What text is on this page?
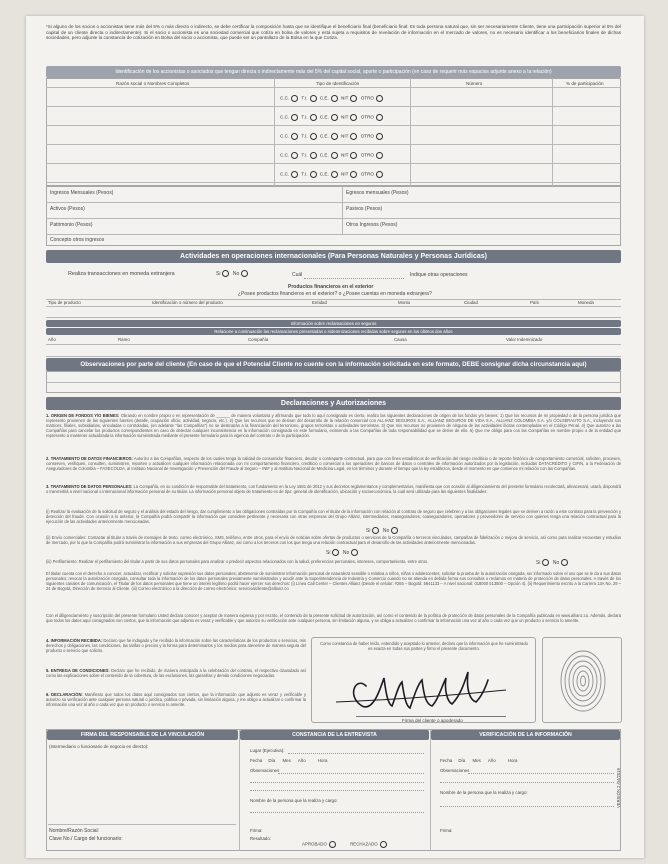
*Si alguno de los socios o accionistas tiene más del 5% o más directo o indirecto, se debe certificar la composición hasta que se identifique el beneficiario final (beneficiario final: Es toda persona natural que, sin ser necesariamente Cliente, tiene una participación superior al 5% del capital de un cliente directa o indirectamente). Si el socio o accionista es una sociedad comercial que cotiza en bolsa de valores y está sujeta a requisitos de revelación de información en el mercado de valores, no es necesario identificar a los beneficiarios finales de dichas sociedades, pero adjunte la constancia de cotización en Bolsa del socio o accionista, que puede ser un pantallazo de la Bolsa en la que Cotiza.
Identificación de los accionistas o asociados que tengan directa o indirectamente más del 5% del capital social, aporte o participación (en caso de requerir más espacios adjunte anexo a la relación)
Razón social o Nombres Completos	Tipo de Identificación	Número	% de participación
Ingresos Mensuales (Pesos)	Egresos mensuales (Pesos)
Activos (Pesos)	Pasivos (Pesos)
Patrimonio (Pesos)	Otros Ingresos (Pesos)
Concepto otros ingresos
Actividades en operaciones internacionales (Para Personas Naturales y Personas Jurídicas)
Realiza transacciones en moneda extranjera	Si No	Cuál	Indique otras operaciones
Productos financieros en el exterior
¿Posee productos financieros en el exterior? o ¿Posee cuentas en moneda extranjera?
Información sobre reclamaciones en seguros
Relacione a continuación las reclamaciones presentadas o indemnizaciones recibidas sobre seguros en los últimos dos años
Observaciones por parte del cliente (En caso de que el Potencial Cliente no cuente con la información solicitada en este formato, DEBE consignar dicha circunstancia aquí)
Declaraciones y Autorizaciones
1. ORIGEN DE FONDOS Y/O BIENES: Obrando en nombre propio o en representación de ______ de manera voluntaria y afirmando que todo lo aquí consignado es cierto, realizo las siguientes declaraciones de origen de los fondos y/o bienes: 1) Que los recursos de mi propiedad o de la persona jurídica que represento provienen de las siguientes fuentes (detalle, ocupación oficio, actividad, negocio, etc.). 2) Que los recursos que se derivan del desarrollo de la relación comercial con ALLIANZ SEGUROS S.A., ALLIANZ SEGUROS DE VIDA S.A., ALLIANZ COLOMBIA S.A. y/o COLSERAUTO S.A., incluyendo sus matrices, filiales, subsidiarias, vinculadas o controladas, (en adelante "las Compañías") no se destinarán a la financiación del terrorismo, grupos terroristas o actividades terroristas. 3) Que mis recursos no provienen de ninguna de las actividades ilícitas contempladas en el Código Penal. 4) Que autorizo a las Compañías para cancelar los productos correspondientes en caso de detectar cualquier inconsistencia en la información consignada en este formulario, eximiendo a las Compañías de toda responsabilidad que se derive de ello. 5) Que me obligo para con las Compañías en nombre propio o de la entidad que represento a mantener actualizada la información suministrada mediante el presente formulario para la vigencia del contrato o de la participación.
2. TRATAMIENTO DE DATOS FINANCIEROS: Autorizo a las Compañías, respecto de los cuales tenga la calidad de consumidor financiero, deudor o contraparte contractual, para que con fines estadísticos de verificación del riesgo crediticio o de reporte histórico de comportamiento comercial, soliciten, procesen, conserven, verifiquen, consulten, suministren, reporten o actualicen cualquier información relacionada con mi comportamiento financiero, crediticio o comercial a los operadores de bancos de datos o centrales de información autorizados por la legislación, incluidas DATACRÉDITO y CIFIN, a la Federación de Aseguradores de Colombia – FASECOLDA, al Instituto Nacional de Investigación y Prevención del Fraude al Seguro – INIF y al Instituto Nacional de Medicina Legal, en los términos y durante el tiempo que la ley establezca, desde el momento en que comience mi relación con las Compañías.
3. TRATAMIENTO DE DATOS PERSONALES: La Compañía, en su condición de responsable del tratamiento, con fundamento en la Ley 1581 de 2012 y sus decretos reglamentarios y complementarios, manifiesta que con ocasión al diligenciamiento del presente formulario recolectará, almacenará, usará, dispondrá o transmitirá a nivel nacional o internacional información personal de su titular. La información personal objeto de tratamiento es de tipo: general de identificación, ubicación y socioeconómica, la cual será utilizada para las siguientes finalidades:
(i) Realizar la evaluación de la solicitud de seguro y el análisis del estado del riesgo, dar cumplimiento a las obligaciones contraídas por la Compañía con el titular de la información con relación al contrato de seguro que celebren y a las obligaciones legales que se deriven a razón a este contrato para la prevención y detección del fraude. Con ocasión a lo anterior, la Compañía podrá compartir la información que considere pertinente y necesaria con otras empresas del Grupo Allianz, intermediarios, reaseguradores, coaseguradores, operadores y proveedores de servicio con quienes tenga una relación contractual para la ejecución de las actividades anteriormente mencionadas.
Si No
(ii) Envío comerciales: Contactar al titular a través de mensajes de texto, correo electrónico, SMS, teléfono, entre otros, para el envío de noticias sobre ofertas de productos o servicios de la Compañía o terceros vinculados, campañas de fidelización o mejora de servicio, así como para realizar encuestas y estudios de mercado, por lo que la Compañía podrá suministrar la información a sus empresas del Grupo Allianz, así como a los terceros con los que tenga una relación contractual para el desarrollo de las actividades anteriormente mencionadas.
Si No
(iii) Perfilamiento: Realizar el perfilamiento del titular a partir de sus datos personales para analizar o predecir aspectos relacionados con la salud, preferencias personales, intereses, comportamiento, entre otros.	Si No
El titular cuenta con el derecho a conocer, actualizar, rectificar y solicitar supresión sus datos personales; abstenerse de suministrar información personal de naturaleza sensible o relativa a niños, niñas o adolescentes; solicitar la prueba de la autorización otorgada, ser informado sobre el uso que se le da a sus datos personales; revocar la autorización otorgada, consultar toda la información de los datos personales previamente suministrados y acudir ante la Superintendencia de Industria y Comercio cuando no se atienda en debida forma sus consultas o reclamos en materia de protección de datos personales. A través de los siguientes canales de comunicación, el Titular de los datos personales que tiene un interés legítimo podrá hacer ejercer sus derechos: (i) Línea Call Center – Clientes Allianz (Desde el celular: #265 – Bogotá: 5941133 – A nivel nacional: 018000 513500 – Opción 4). (ii) Requerimiento escrito a la Carrera 13A No. 29 – 24 de Bogotá, Dirección de Servicio al Cliente. (iii) Correo electrónico a la dirección de correo electrónico: servicioalcliente@allianz.co
Con el diligenciamiento y suscripción del presente formulario Usted declara conocer y aceptar de manera expresa y por escrito, el contenido de la presente solicitud de autorización, así como el contenido de la política de protección de datos personales de la Compañía publicada en www.allianz.co. Además, declara que todos los datos aquí consignados son ciertos, que la información que adjunto es veraz y verificable y que autorizo su verificación ante cualquier persona, sin limitación alguna, y se obliga a actualizar o confirmar la información una vez al año o cada vez que un producto o servicio lo amerite.
4. INFORMACIÓN RECIBIDA: Declaro que he indagado y he recibido la información sobre las características de los productos o servicios, mis derechos y obligaciones, las condiciones, las tarifas o precios y la forma para determinarlos y los medios para atenerme de manera segura del producto o servicio que solicito.
5. ENTREGA DE CONDICIONES: Declaro que he recibido, de manera anticipada a la celebración del contrato, el respectivo clausulado así como las explicaciones sobre el contenido de la cobertura, de las exclusiones, las garantías y demás condiciones negociadas.
6. DECLARACIÓN: Manifiesto que todos los datos aquí consignados son ciertos, que la información que adjunto es veraz y verificable y autorizo su verificación ante cualquier persona natural o jurídica, pública o privada, sin limitación alguna, y me obligo a actualizar o confirmar la información una vez al año o cada vez que un producto o servicio lo amerite.
Como constancia de haber leído, entendido y aceptado lo anterior, declaro que la información que he suministrado es exacta en todas sus partes y firmo el presente documento.
Firma del cliente o apoderado
FIRMA DEL RESPONSABLE DE LA VINCULACIÓN	CONSTANCIA DE LA ENTREVISTA	VERIFICACIÓN DE LA INFORMACIÓN
(Intermediario o funcionario de negocio en directo):
Nombre/Razón Social:
Clave No./ Cargo del funcionario:
Lugar (Ejecutiva):
Fecha Día Mes Año	Hora
Observaciones
Nombre de la persona que la realiza y cargo:
Firma:
Resultado:
APROBADO	RECHAZADO
Fecha Día Mes Año	Hora
Observaciones
Nombre de la persona que la realiza y cargo:
Firma:
VERSIÓN 2 /04/2019
C.C.	T.I.	C.E.	NIT	OTRO
C.C.	T.I.	C.E.	NIT	OTRO
C.C.	T.I.	C.E.	NIT	OTRO
C.C.	T.I.	C.E.	NIT	OTRO
C.C.	T.I.	C.E.	NIT	OTRO
Tipo de producto	Identificación o número del producto	Entidad	Monto	Ciudad	País	Moneda
Año	Ramo	Compañía	Causa	Valor Indemnizado
